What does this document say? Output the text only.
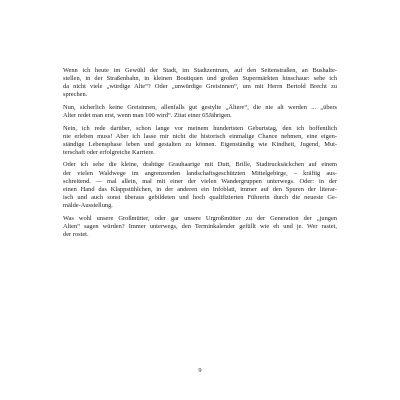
Wenn ich heute im Gewühl der Stadt, im Stadtzentrum, auf den Seitenstraßen, an Bushalte-
stellen, in der Straßenbahn, in kleinen Boutiquen und großen Supermärkten hinschaue: sehe ich
da nicht viele „würdige Alte“? Oder „unwürdige Greisinnen“, um mit Herrn Bertold Brecht zu
sprechen.
Nun, sicherlich keine Greisinnen, allenfalls gut gestylte „Ältere“, die nie alt werden ... „übers
Alter redet man erst, wenn man 100 wird“. Zitat einer 65Jährigen.
Nein, ich rede darüber, schon lange vor meinem hundertsten Geburtstag, den ich hoffentlich
nie erleben muss! Aber ich lasse mir nicht die historisch einmalige Chance nehmen, eine eigen-
ständige Lebensphase leben und gestalten zu können. Eigenständig wie Kindheit, Jugend, Mut-
terschaft oder erfolgreiche Karriere.
Oder ich sehe die kleine, drahtige Grauhaarige mit Dutt, Brille, Stadtrucksäckchen auf einem
der vielen Waldwege im angrenzenden landschaftsgeschützten Mittelgebirge, – kräftig aus-
schreitend. — mal allein, mal mit einer der vielen Wandergruppen unterwegs. Oder: in der
einen Hand das Klappstühlchen, in der anderen ein Infoblatt, immer auf den Spuren der literar-
isch und auch sonst überaus gebildeten und hoch qualifizierten Führerin durch die neueste Ge-
mälde-Ausstellung.
Was wohl unsere Großmütter, oder gar unsere Urgroßmütter zu der Generation der „jungen
Alten“ sagen würden? Immer unterwegs, den Terminkalender gefüllt wie eh und je. Wer rastet,
der rostet.
9
